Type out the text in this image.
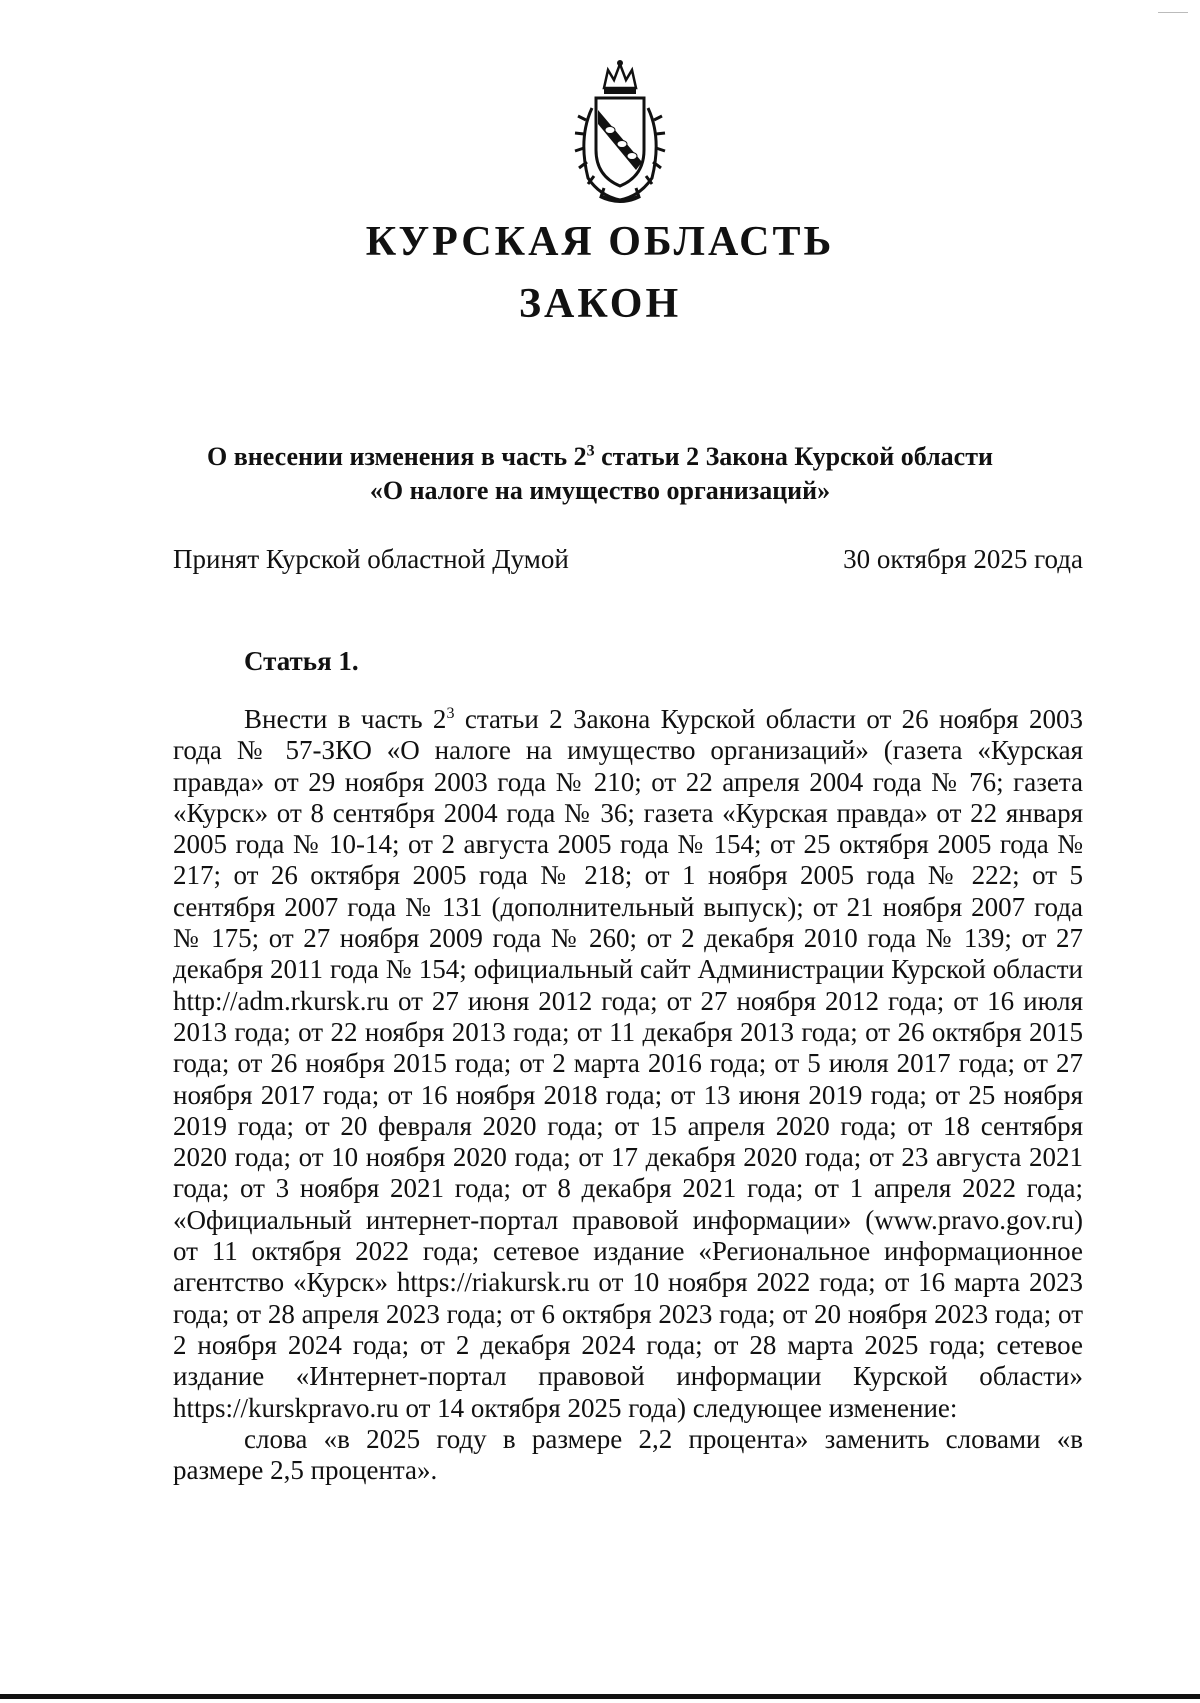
КУРСКАЯ ОБЛАСТЬ
ЗАКОН
О внесении изменения в часть $2^3$ статьи 2 Закона Курской области
«О налоге на имущество организаций»
Принят Курской областной Думой	30 октября 2025 года
Статья 1.

Внести в часть $2^3$ статьи 2 Закона Курской области от 26 ноября 2003 года № 57-ЗКО «О налоге на имущество организаций» (газета «Курская правда» от 29 ноября 2003 года № 210; от 22 апреля 2004 года № 76; газета «Курск» от 8 сентября 2004 года № 36; газета «Курская правда» от 22 января 2005 года № 10-14; от 2 августа 2005 года № 154; от 25 октября 2005 года № 217; от 26 октября 2005 года № 218; от 1 ноября 2005 года № 222; от 5 сентября 2007 года № 131 (дополнительный выпуск); от 21 ноября 2007 года № 175; от 27 ноября 2009 года № 260; от 2 декабря 2010 года № 139; от 27 декабря 2011 года № 154; официальный сайт Администрации Курской области http://adm.rkursk.ru от 27 июня 2012 года; от 27 ноября 2012 года; от 16 июля 2013 года; от 22 ноября 2013 года; от 11 декабря 2013 года; от 26 октября 2015 года; от 26 ноября 2015 года; от 2 марта 2016 года; от 5 июля 2017 года; от 27 ноября 2017 года; от 16 ноября 2018 года; от 13 июня 2019 года; от 25 ноября 2019 года; от 20 февраля 2020 года; от 15 апреля 2020 года; от 18 сентября 2020 года; от 10 ноября 2020 года; от 17 декабря 2020 года; от 23 августа 2021 года; от 3 ноября 2021 года; от 8 декабря 2021 года; от 1 апреля 2022 года; «Официальный интернет-портал правовой информации» (www.pravo.gov.ru) от 11 октября 2022 года; сетевое издание «Региональное информационное агентство «Курск» https://riakursk.ru от 10 ноября 2022 года; от 16 марта 2023 года; от 28 апреля 2023 года; от 6 октября 2023 года; от 20 ноября 2023 года; от 2 ноября 2024 года; от 2 декабря 2024 года; от 28 марта 2025 года; сетевое издание «Интернет-портал правовой информации Курской области» https://kurskpravo.ru от 14 октября 2025 года) следующее изменение:

слова «в 2025 году в размере 2,2 процента» заменить словами «в размере 2,5 процента».
